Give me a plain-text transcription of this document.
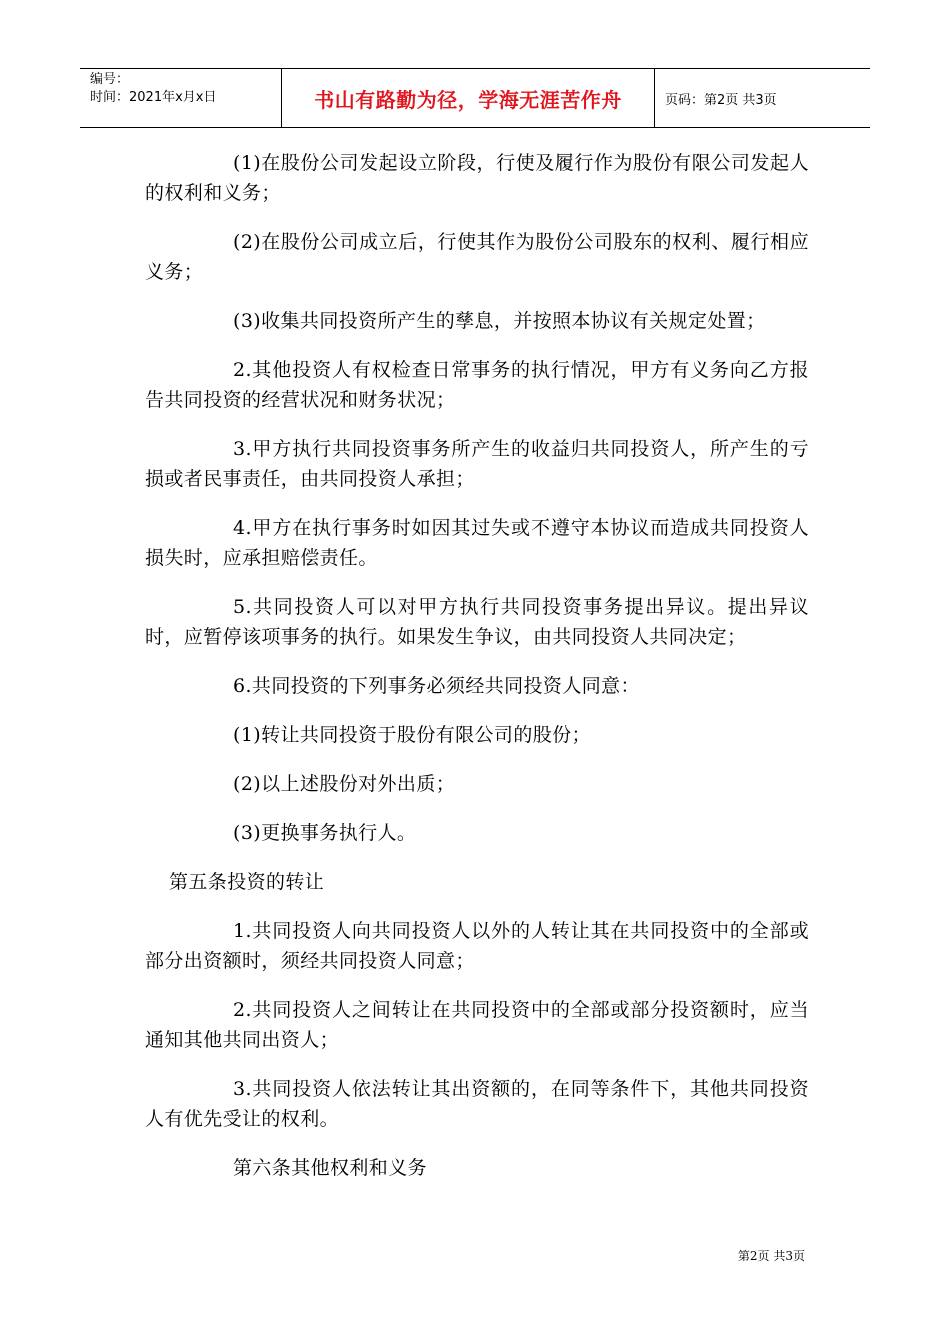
编号：
时间：2021年x月x日	书山有路勤为径，学海无涯苦作舟	页码：第2页 共3页

(1)在股份公司发起设立阶段，行使及履行作为股份有限公司发起人的权利和义务；

(2)在股份公司成立后，行使其作为股份公司股东的权利、履行相应义务；

(3)收集共同投资所产生的孳息，并按照本协议有关规定处置；

2.其他投资人有权检查日常事务的执行情况，甲方有义务向乙方报告共同投资的经营状况和财务状况；

3.甲方执行共同投资事务所产生的收益归共同投资人，所产生的亏损或者民事责任，由共同投资人承担；

4.甲方在执行事务时如因其过失或不遵守本协议而造成共同投资人损失时，应承担赔偿责任。

5.共同投资人可以对甲方执行共同投资事务提出异议。提出异议时，应暂停该项事务的执行。如果发生争议，由共同投资人共同决定；

6.共同投资的下列事务必须经共同投资人同意：

(1)转让共同投资于股份有限公司的股份；

(2)以上述股份对外出质；

(3)更换事务执行人。

第五条投资的转让

1.共同投资人向共同投资人以外的人转让其在共同投资中的全部或部分出资额时，须经共同投资人同意；

2.共同投资人之间转让在共同投资中的全部或部分投资额时，应当通知其他共同出资人；

3.共同投资人依法转让其出资额的，在同等条件下，其他共同投资人有优先受让的权利。

第六条其他权利和义务

第2页 共3页
